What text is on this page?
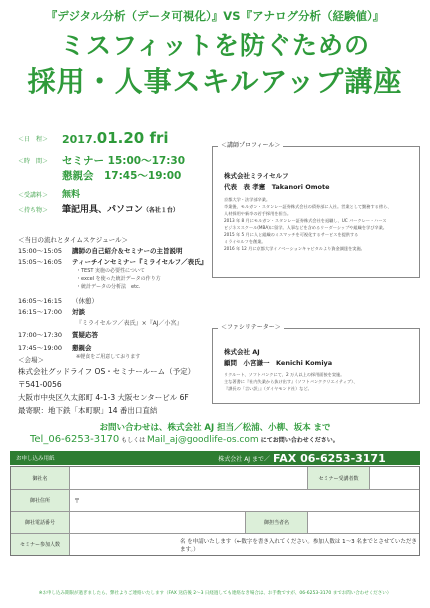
『デジタル分析（データ可視化）』VS『アナログ分析（経験値）』
ミスフィットを防ぐための
採用・人事スキルアップ講座
＜日　程＞ 2017.01.20 fri
＜時　間＞ セミナー 15:00〜17:30
懇親会　17:45〜19:00
＜受講料＞ 無料
＜持ち物＞ 筆記用具、パソコン（各社１台）
＜当日の流れとタイムスケジュール＞
15:00〜15:05 講師の自己紹介＆セミナーの主旨説明
15:05〜16:05 ティーチインセミナー『ミライセルフ／表氏』
・TEST 実施の必要性について
・excel を使った統計データの作り方
・統計データの分析法　etc.
16:05〜16:15 （休憩）
16:15〜17:00 対談
『ミライセルフ／表氏』×『AJ／小宮』
17:00〜17:30 質疑応答
17:45〜19:00 懇親会
※軽食をご用意しております
＜会場＞
株式会社グッドライフ OS・セミナールーム（予定）
〒541-0056
大阪市中央区久太郎町 4-1-3 大阪センタービル 6F
最寄駅：地下鉄「本町駅」14 番出口直結
＜講師プロフィール＞
株式会社ミライセルフ
代表　表 孝憲　Takanori Omote
京都大学・法学部卒業。
卒業後、モルガン・スタンレー証券株式会社の債券部に入社。営業として勤務する傍ら、
人材採用や新卒の若手採用を担当。
2013 年 8 月にモルガン・スタンレー証券株式会社を退職し、UC バークレー・ハース
ビジネススクール(MBA)に留学。人事などを含めるリーダーシップや組織を学び卒業。
2015 年 5 月に人と組織のミスマッチを可視化するサービスを提供する
ミライセルフを創業。
2016 年 12 月に京都大学イノベーションキャピタルより資金調達を実施。
＜ファシリテーター＞
株式会社 AJ
顧問　小宮謙一　Kenichi Komiya
リクルート、ソフトバンクにて、2 万人以上の採用面接を実施。
主な著書に『社内失業から抜け出す』（ソフトバンククリエイティブ）、
『課長の「言い訳」』（ダイヤモンド社）など。
お問い合わせは、株式会社 AJ 担当／松浦、小柳、坂本 まで
Tel_06-6253-3170 もしくは Mail_aj@goodlife-os.com にてお問い合わせください。
お申し込み用紙	株式会社 AJ まで／ FAX 06-6253-3171
御社名	セミナー受講者数
御社住所	〒
御社電話番号	御担当者名
セミナー参加人数
名 を申請いたします（←数字を書き入れてください。参加人数は 1〜3 名までとさせていただきます。）
※お申し込み期限が過ぎましたら、弊社よりご連絡いたします（FAX 送信後 2〜3 日経過しても連絡なき場合は、お手数ですが、06-6253-3170 までお問い合わせください）
